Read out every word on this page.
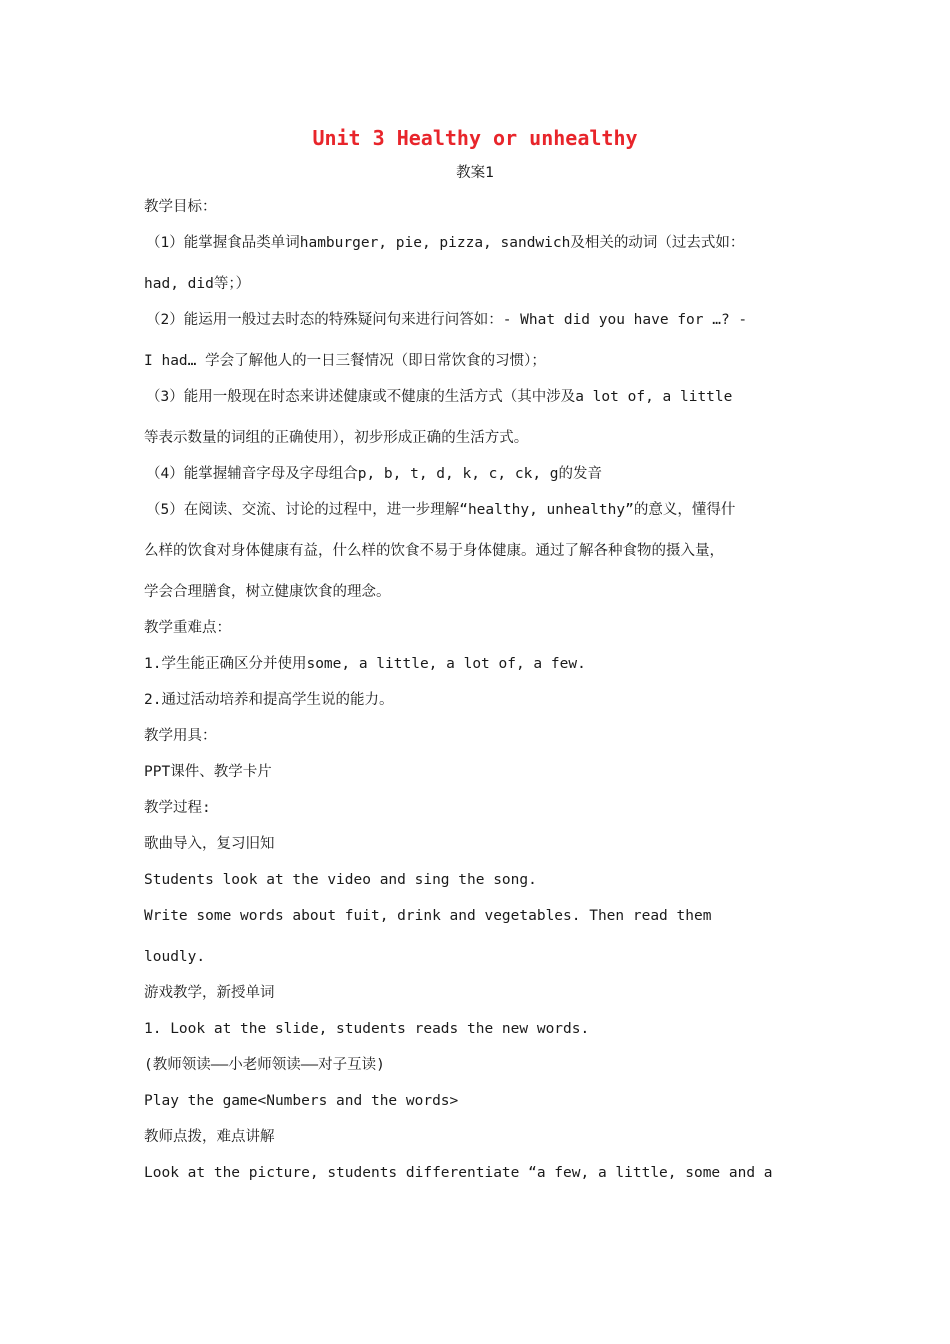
Unit 3 Healthy or unhealthy
教案1
教学目标：
（1）能掌握食品类单词hamburger, pie, pizza, sandwich及相关的动词（过去式如：
had, did等；）
（2）能运用一般过去时态的特殊疑问句来进行问答如：- What did you have for …? -
I had… 学会了解他人的一日三餐情况（即日常饮食的习惯）；
（3）能用一般现在时态来讲述健康或不健康的生活方式（其中涉及a lot of, a little
等表示数量的词组的正确使用），初步形成正确的生活方式。
（4）能掌握辅音字母及字母组合p, b, t, d, k, c, ck, g的发音
（5）在阅读、交流、讨论的过程中，进一步理解“healthy, unhealthy”的意义，懂得什
么样的饮食对身体健康有益，什么样的饮食不易于身体健康。通过了解各种食物的摄入量，
学会合理膳食，树立健康饮食的理念。
教学重难点：
1.学生能正确区分并使用some, a little, a lot of, a few.
2.通过活动培养和提高学生说的能力。
教学用具：
PPT课件、教学卡片
教学过程:
歌曲导入，复习旧知
Students look at the video and sing the song.
Write some words about fuit, drink and vegetables. Then read them
loudly.
游戏教学，新授单词
1. Look at the slide, students reads the new words.
(教师领读——小老师领读——对子互读)
Play the game<Numbers and the words>
教师点拨，难点讲解
Look at the picture, students differentiate “a few, a little, some and a
